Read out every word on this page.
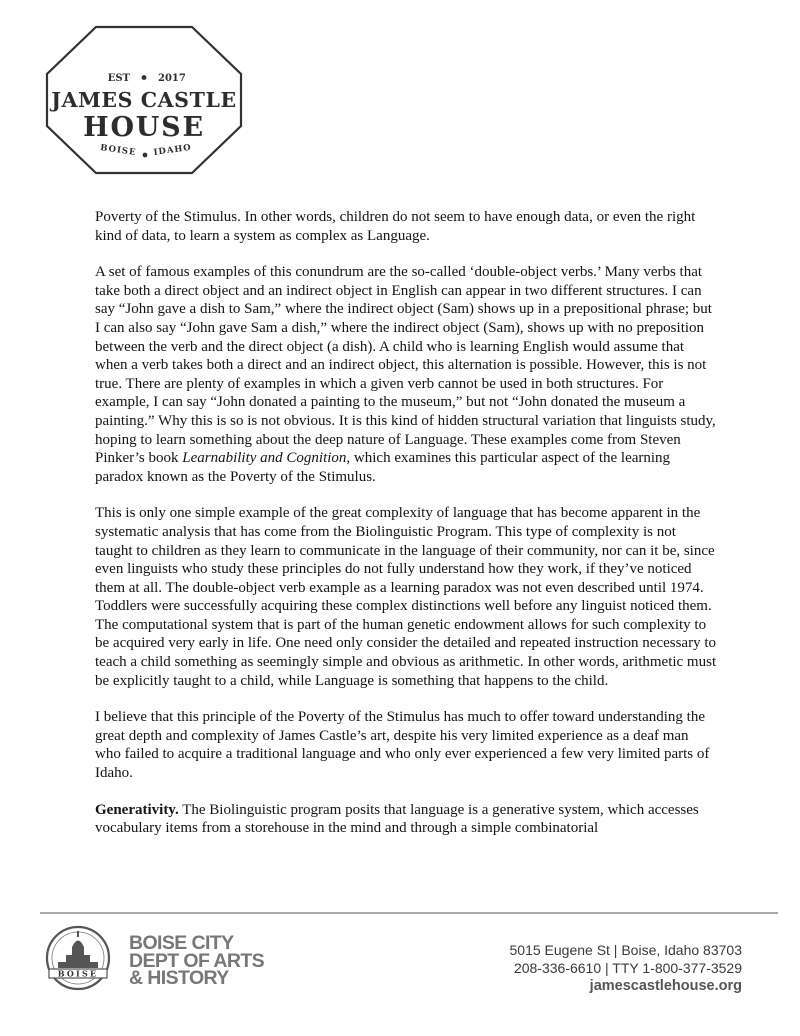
EST	2017
JAMES CASTLE
HOUSE
BOISE IDAHO

Poverty of the Stimulus. In other words, children do not seem to have enough data, or even the right kind of data, to learn a system as complex as Language.

A set of famous examples of this conundrum are the so-called ‘double-object verbs.’ Many verbs that take both a direct object and an indirect object in English can appear in two different structures. I can say “John gave a dish to Sam,” where the indirect object (Sam) shows up in a prepositional phrase; but I can also say “John gave Sam a dish,” where the indirect object (Sam), shows up with no preposition between the verb and the direct object (a dish). A child who is learning English would assume that when a verb takes both a direct and an indirect object, this alternation is possible. However, this is not true. There are plenty of examples in which a given verb cannot be used in both structures. For example, I can say “John donated a painting to the museum,” but not “John donated the museum a painting.” Why this is so is not obvious. It is this kind of hidden structural variation that linguists study, hoping to learn something about the deep nature of Language. These examples come from Steven Pinker’s book Learnability and Cognition, which examines this particular aspect of the learning paradox known as the Poverty of the Stimulus.

This is only one simple example of the great complexity of language that has become apparent in the systematic analysis that has come from the Biolinguistic Program. This type of complexity is not taught to children as they learn to communicate in the language of their community, nor can it be, since even linguists who study these principles do not fully understand how they work, if they’ve noticed them at all. The double-object verb example as a learning paradox was not even described until 1974. Toddlers were successfully acquiring these complex distinctions well before any linguist noticed them. The computational system that is part of the human genetic endowment allows for such complexity to be acquired very early in life. One need only consider the detailed and repeated instruction necessary to teach a child something as seemingly simple and obvious as arithmetic. In other words, arithmetic must be explicitly taught to a child, while Language is something that happens to the child.

I believe that this principle of the Poverty of the Stimulus has much to offer toward understanding the great depth and complexity of James Castle’s art, despite his very limited experience as a deaf man who failed to acquire a traditional language and who only ever experienced a few very limited parts of Idaho.

Generativity. The Biolinguistic program posits that language is a generative system, which accesses vocabulary items from a storehouse in the mind and through a simple combinatorial

BOISE
BOISE CITY
DEPT OF ARTS
& HISTORY
5015 Eugene St | Boise, Idaho 83703
208-336-6610 | TTY 1-800-377-3529
jamescastlehouse.org
